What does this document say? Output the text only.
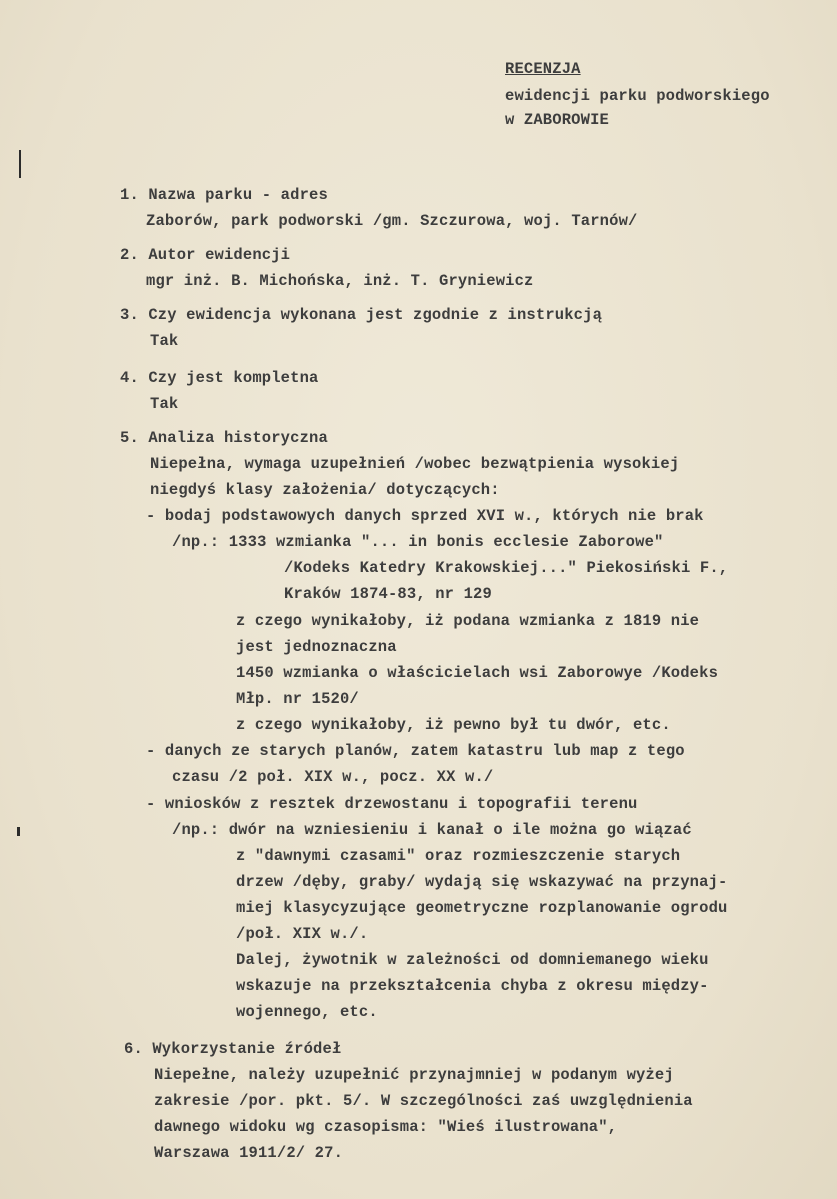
RECENZJA
ewidencji parku podworskiego
w ZABOROWIE
1. Nazwa parku - adres
Zaborów, park podworski /gm. Szczurowa, woj. Tarnów/
2. Autor ewidencji
mgr inż. B. Michońska, inż. T. Gryniewicz
3. Czy ewidencja wykonana jest zgodnie z instrukcją
Tak
4. Czy jest kompletna
Tak
5. Analiza historyczna
Niepełna, wymaga uzupełnień /wobec bezwątpienia wysokiej
niegdyś klasy założenia/ dotyczących:
- bodaj podstawowych danych sprzed XVI w., których nie brak
/np.: 1333 wzmianka "... in bonis ecclesie Zaborowe"
/Kodeks Katedry Krakowskiej..." Piekosiński F.,
Kraków 1874-83, nr 129
z czego wynikałoby, iż podana wzmianka z 1819 nie
jest jednoznaczna
1450 wzmianka o właścicielach wsi Zaborowye /Kodeks
Młp. nr 1520/
z czego wynikałoby, iż pewno był tu dwór, etc.
- danych ze starych planów, zatem katastru lub map z tego
czasu /2 poł. XIX w., pocz. XX w./
- wniosków z resztek drzewostanu i topografii terenu
/np.: dwór na wzniesieniu i kanał o ile można go wiązać
z "dawnymi czasami" oraz rozmieszczenie starych
drzew /dęby, graby/ wydają się wskazywać na przynaj-
miej klasycyzujące geometryczne rozplanowanie ogrodu
/poł. XIX w./.
Dalej, żywotnik w zależności od domniemanego wieku
wskazuje na przekształcenia chyba z okresu między-
wojennego, etc.
6. Wykorzystanie źródeł
Niepełne, należy uzupełnić przynajmniej w podanym wyżej
zakresie /por. pkt. 5/. W szczególności zaś uwzględnienia
dawnego widoku wg czasopisma: "Wieś ilustrowana",
Warszawa 1911/2/ 27.
